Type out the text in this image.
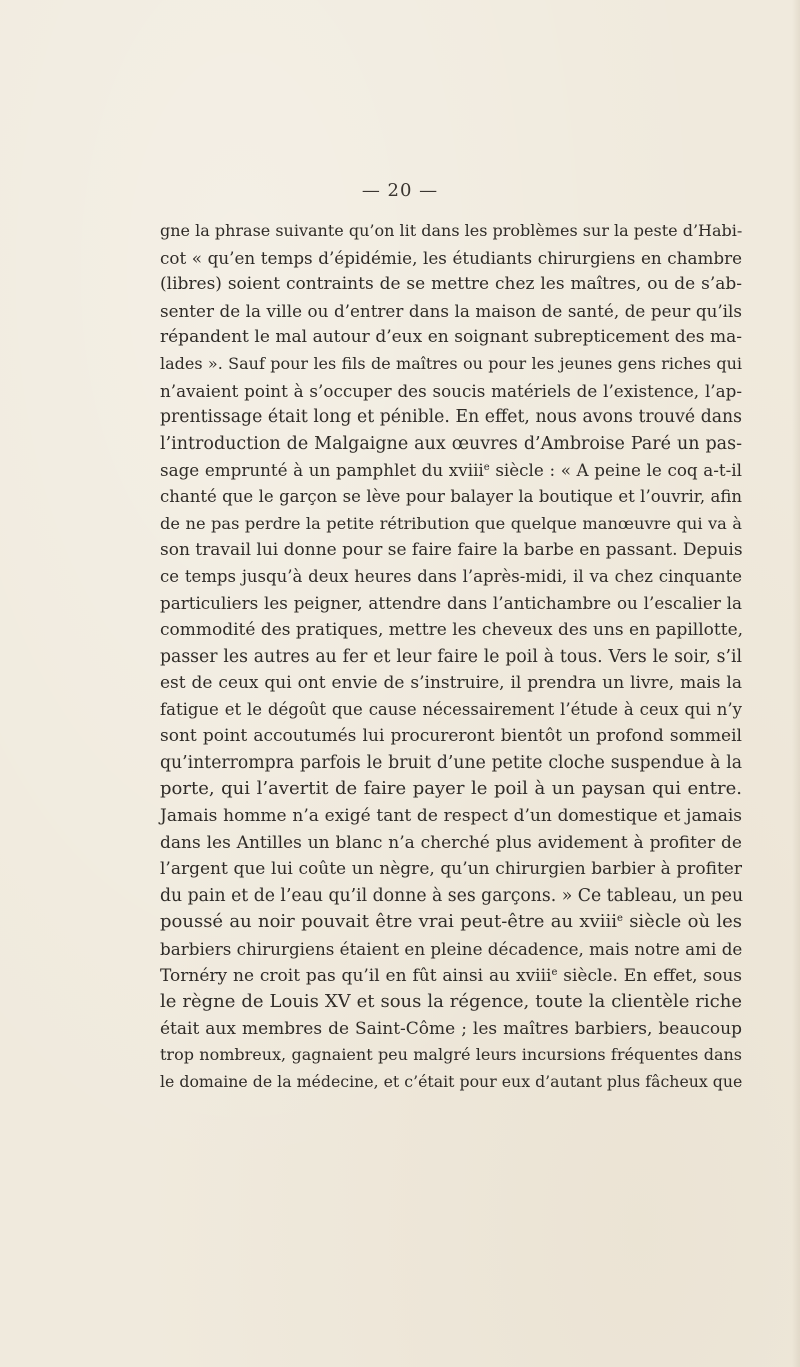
— 20 —
gne la phrase suivante qu’on lit dans les problèmes sur la peste d’Habi-
cot « qu’en temps d’épidémie, les étudiants chirurgiens en chambre
(libres) soient contraints de se mettre chez les maîtres, ou de s’ab-
senter de la ville ou d’entrer dans la maison de santé, de peur qu’ils
répandent le mal autour d’eux en soignant subrepticement des ma-
lades ». Sauf pour les fils de maîtres ou pour les jeunes gens riches qui
n’avaient point à s’occuper des soucis matériels de l’existence, l’ap-
prentissage était long et pénible. En effet, nous avons trouvé dans
l’introduction de Malgaigne aux œuvres d’Ambroise Paré un pas-
sage emprunté à un pamphlet du xviii$^e$ siècle : « A peine le coq a-t-il
chanté que le garçon se lève pour balayer la boutique et l’ouvrir, afin
de ne pas perdre la petite rétribution que quelque manœuvre qui va à
son travail lui donne pour se faire faire la barbe en passant. Depuis
ce temps jusqu’à deux heures dans l’après-midi, il va chez cinquante
particuliers les peigner, attendre dans l’antichambre ou l’escalier la
commodité des pratiques, mettre les cheveux des uns en papillotte,
passer les autres au fer et leur faire le poil à tous. Vers le soir, s’il
est de ceux qui ont envie de s’instruire, il prendra un livre, mais la
fatigue et le dégoût que cause nécessairement l’étude à ceux qui n’y
sont point accoutumés lui procureront bientôt un profond sommeil
qu’interrompra parfois le bruit d’une petite cloche suspendue à la
porte, qui l’avertit de faire payer le poil à un paysan qui entre.
Jamais homme n’a exigé tant de respect d’un domestique et jamais
dans les Antilles un blanc n’a cherché plus avidement à profiter de
l’argent que lui coûte un nègre, qu’un chirurgien barbier à profiter
du pain et de l’eau qu’il donne à ses garçons. » Ce tableau, un peu
poussé au noir pouvait être vrai peut-être au xviii$^e$ siècle où les
barbiers chirurgiens étaient en pleine décadence, mais notre ami de
Tornéry ne croit pas qu’il en fût ainsi au xviii$^e$ siècle. En effet, sous
le règne de Louis XV et sous la régence, toute la clientèle riche
était aux membres de Saint-Côme ; les maîtres barbiers, beaucoup
trop nombreux, gagnaient peu malgré leurs incursions fréquentes dans
le domaine de la médecine, et c’était pour eux d’autant plus fâcheux que
